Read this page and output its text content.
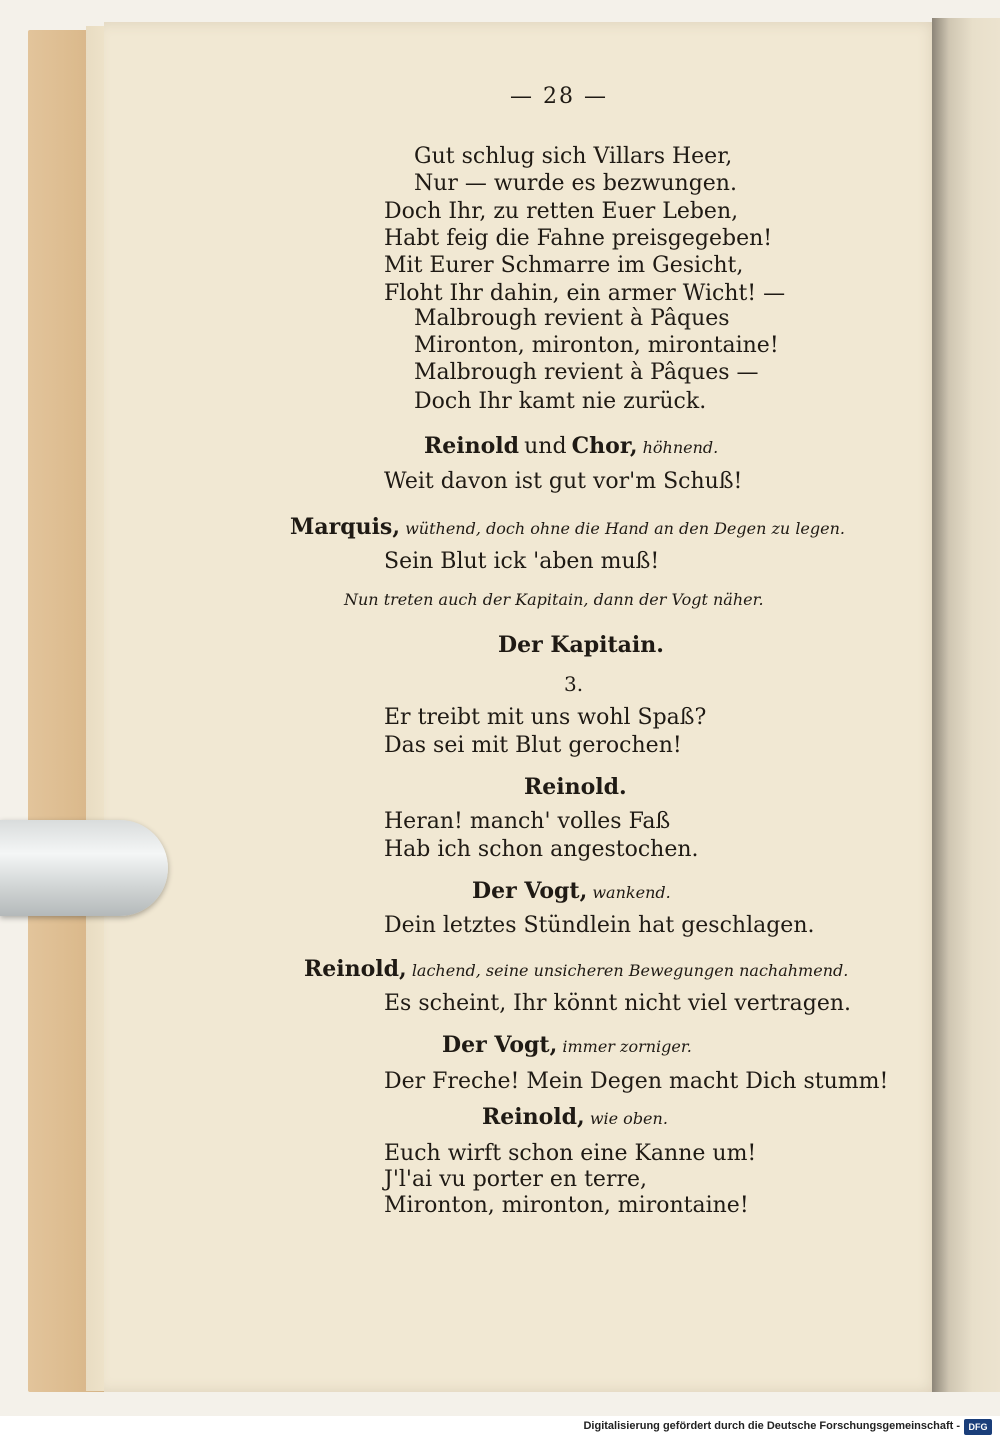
— 28 —
Gut schlug sich Villars Heer,
Nur — wurde es bezwungen.
Doch Ihr, zu retten Euer Leben,
Habt feig die Fahne preisgegeben!
Mit Eurer Schmarre im Gesicht,
Floht Ihr dahin, ein armer Wicht! —
Malbrough revient à Pâques
Mironton, mironton, mirontaine!
Malbrough revient à Pâques —
Doch Ihr kamt nie zurück.
Reinold und Chor, höhnend.
Weit davon ist gut vor'm Schuß!
Marquis, wüthend, doch ohne die Hand an den Degen zu legen.
Sein Blut ick 'aben muß!
Nun treten auch der Kapitain, dann der Vogt näher.
Der Kapitain.
3.
Er treibt mit uns wohl Spaß?
Das sei mit Blut gerochen!
Reinold.
Heran! manch' volles Faß
Hab ich schon angestochen.
Der Vogt, wankend.
Dein letztes Stündlein hat geschlagen.
Reinold, lachend, seine unsicheren Bewegungen nachahmend.
Es scheint, Ihr könnt nicht viel vertragen.
Der Vogt, immer zorniger.
Der Freche! Mein Degen macht Dich stumm!
Reinold, wie oben.
Euch wirft schon eine Kanne um!
J'l'ai vu porter en terre,
Mironton, mironton, mirontaine!
Digitalisierung gefördert durch die Deutsche Forschungsgemeinschaft - DFG
